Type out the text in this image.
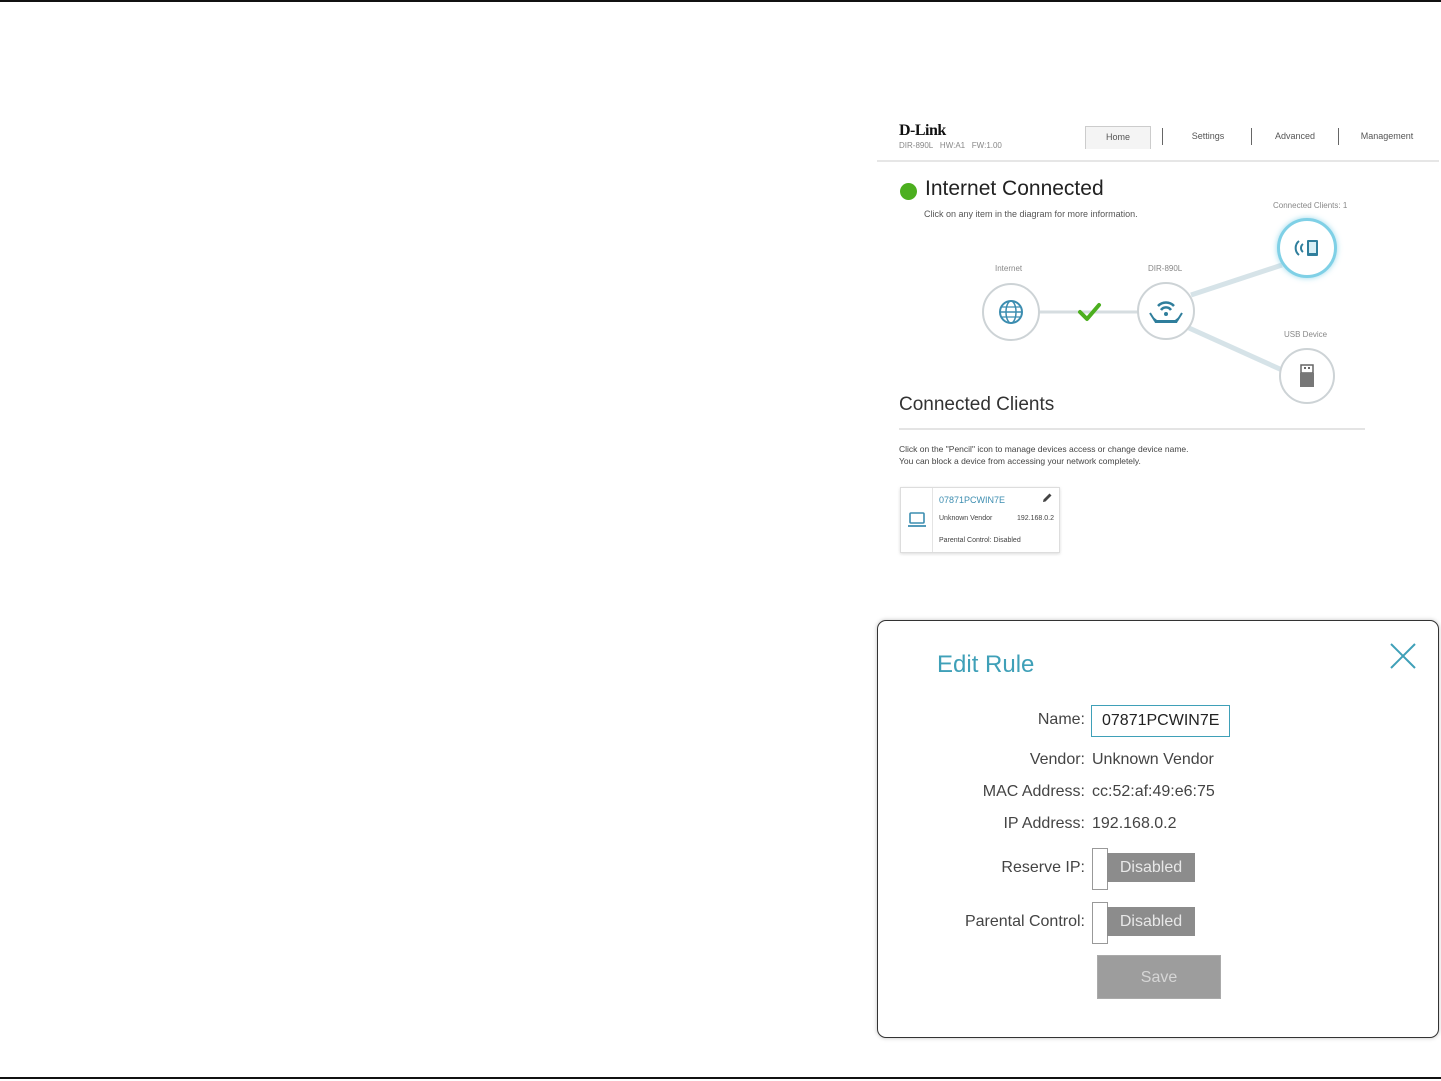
D-Link
DIR-890L HW:A1 FW:1.00
Home	Settings	Advanced	Management
Internet Connected
Click on any item in the diagram for more information.
Internet	DIR-890L
Connected Clients: 1
USB Device
Connected Clients
Click on the "Pencil" icon to manage devices access or change device name.
You can block a device from accessing your network completely.
07871PCWIN7E
Unknown Vendor	192.168.0.2
Parental Control: Disabled
Edit Rule
Name:
07871PCWIN7E
Vendor: Unknown Vendor
MAC Address: cc:52:af:49:e6:75
IP Address: 192.168.0.2
Reserve IP:	Disabled
Parental Control:	Disabled
Save
